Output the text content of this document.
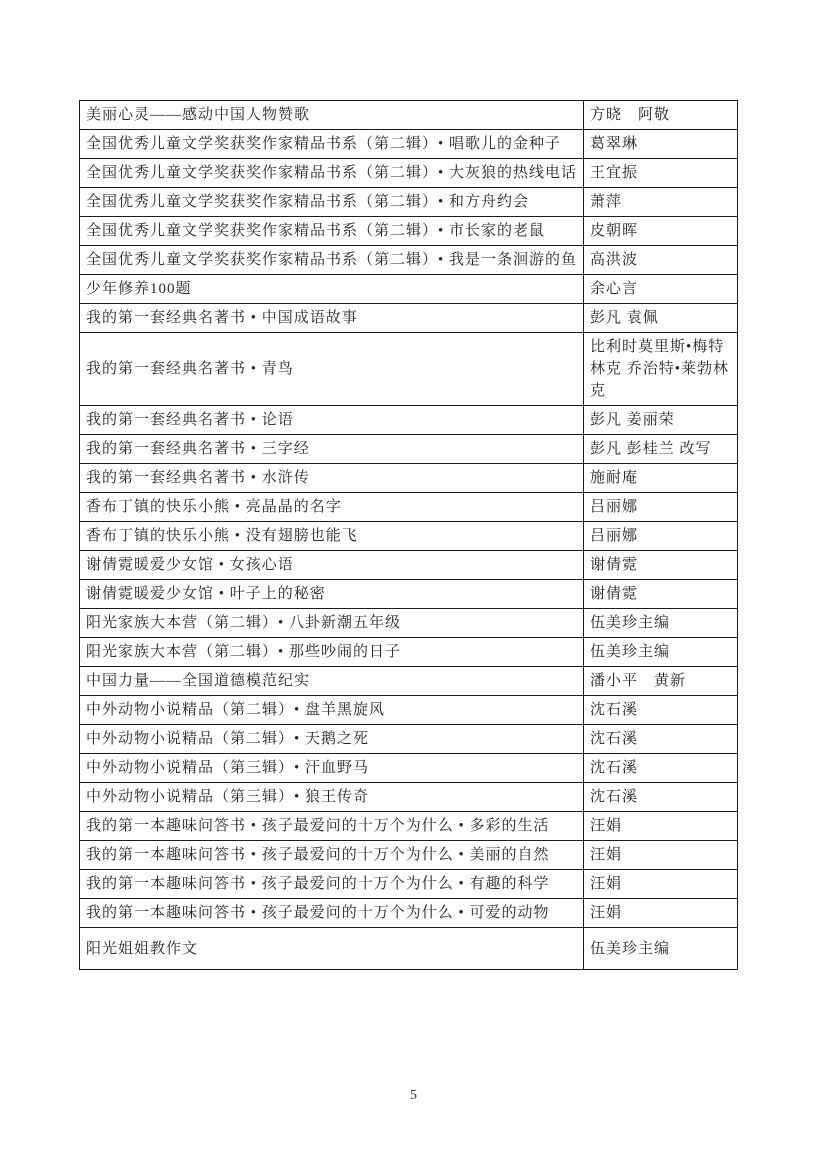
美丽心灵——感动中国人物赞歌	方晓　阿敬
全国优秀儿童文学奖获奖作家精品书系（第二辑）• 唱歌儿的金种子	葛翠琳
全国优秀儿童文学奖获奖作家精品书系（第二辑）• 大灰狼的热线电话	王宜振
全国优秀儿童文学奖获奖作家精品书系（第二辑）• 和方舟约会	萧萍
全国优秀儿童文学奖获奖作家精品书系（第二辑）• 市长家的老鼠	皮朝晖
全国优秀儿童文学奖获奖作家精品书系（第二辑）• 我是一条洄游的鱼	高洪波
少年修养100题	余心言
我的第一套经典名著书 • 中国成语故事	彭凡 袁佩
我的第一套经典名著书 • 青鸟	比利时莫里斯•梅特林克 乔治特•莱勃林克
我的第一套经典名著书 • 论语	彭凡 姜丽荣
我的第一套经典名著书 • 三字经	彭凡 彭桂兰 改写
我的第一套经典名著书 • 水浒传	施耐庵
香布丁镇的快乐小熊 • 亮晶晶的名字	吕丽娜
香布丁镇的快乐小熊 • 没有翅膀也能飞	吕丽娜
谢倩霓暖爱少女馆 • 女孩心语	谢倩霓
谢倩霓暖爱少女馆 • 叶子上的秘密	谢倩霓
阳光家族大本营（第二辑）• 八卦新潮五年级	伍美珍主编
阳光家族大本营（第二辑）• 那些吵闹的日子	伍美珍主编
中国力量——全国道德模范纪实	潘小平　黄新
中外动物小说精品（第二辑）• 盘羊黑旋风	沈石溪
中外动物小说精品（第二辑）• 天鹅之死	沈石溪
中外动物小说精品（第三辑）• 汗血野马	沈石溪
中外动物小说精品（第三辑）• 狼王传奇	沈石溪
我的第一本趣味问答书 • 孩子最爱问的十万个为什么 • 多彩的生活	汪娟
我的第一本趣味问答书 • 孩子最爱问的十万个为什么 • 美丽的自然	汪娟
我的第一本趣味问答书 • 孩子最爱问的十万个为什么 • 有趣的科学	汪娟
我的第一本趣味问答书 • 孩子最爱问的十万个为什么 • 可爱的动物	汪娟
阳光姐姐教作文	伍美珍主编
5
